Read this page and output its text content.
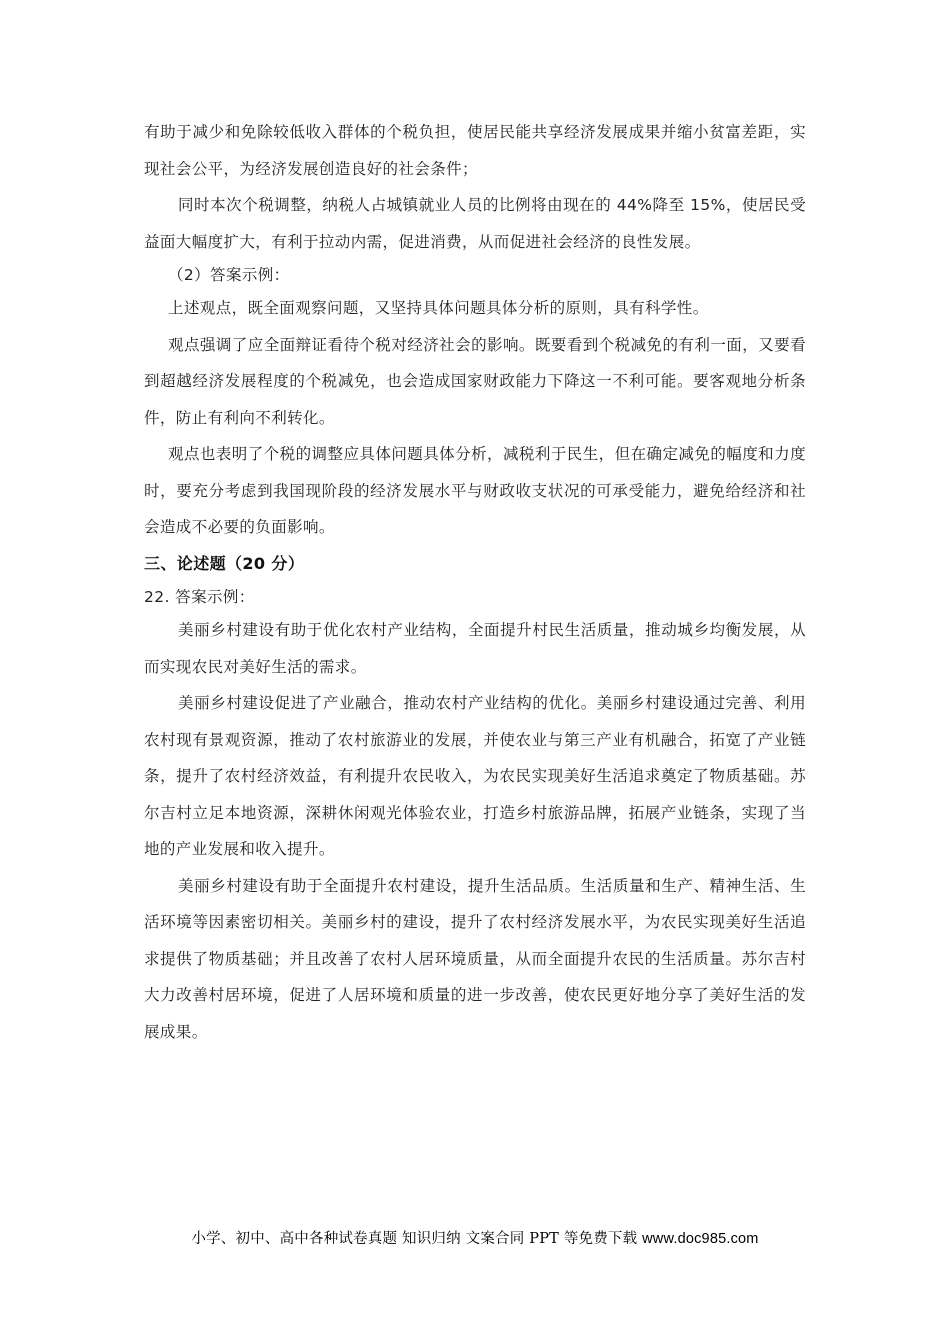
有助于减少和免除较低收入群体的个税负担，使居民能共享经济发展成果并缩小贫富差距，实现社会公平，为经济发展创造良好的社会条件；

同时本次个税调整，纳税人占城镇就业人员的比例将由现在的 44%降至 15%，使居民受益面大幅度扩大，有利于拉动内需，促进消费，从而促进社会经济的良性发展。

（2）答案示例：

上述观点，既全面观察问题，又坚持具体问题具体分析的原则，具有科学性。

观点强调了应全面辩证看待个税对经济社会的影响。既要看到个税减免的有利一面，又要看到超越经济发展程度的个税减免，也会造成国家财政能力下降这一不利可能。要客观地分析条件，防止有利向不利转化。

观点也表明了个税的调整应具体问题具体分析，减税利于民生，但在确定减免的幅度和力度时，要充分考虑到我国现阶段的经济发展水平与财政收支状况的可承受能力，避免给经济和社会造成不必要的负面影响。

三、论述题（20 分）

22. 答案示例：

美丽乡村建设有助于优化农村产业结构，全面提升村民生活质量，推动城乡均衡发展，从而实现农民对美好生活的需求。

美丽乡村建设促进了产业融合，推动农村产业结构的优化。美丽乡村建设通过完善、利用农村现有景观资源，推动了农村旅游业的发展，并使农业与第三产业有机融合，拓宽了产业链条，提升了农村经济效益，有利提升农民收入，为农民实现美好生活追求奠定了物质基础。苏尔吉村立足本地资源，深耕休闲观光体验农业，打造乡村旅游品牌，拓展产业链条，实现了当地的产业发展和收入提升。

美丽乡村建设有助于全面提升农村建设，提升生活品质。生活质量和生产、精神生活、生活环境等因素密切相关。美丽乡村的建设，提升了农村经济发展水平，为农民实现美好生活追求提供了物质基础；并且改善了农村人居环境质量，从而全面提升农民的生活质量。苏尔吉村大力改善村居环境，促进了人居环境和质量的进一步改善，使农民更好地分享了美好生活的发展成果。

小学、初中、高中各种试卷真题 知识归纳 文案合同 PPT 等免费下载 www.doc985.com
